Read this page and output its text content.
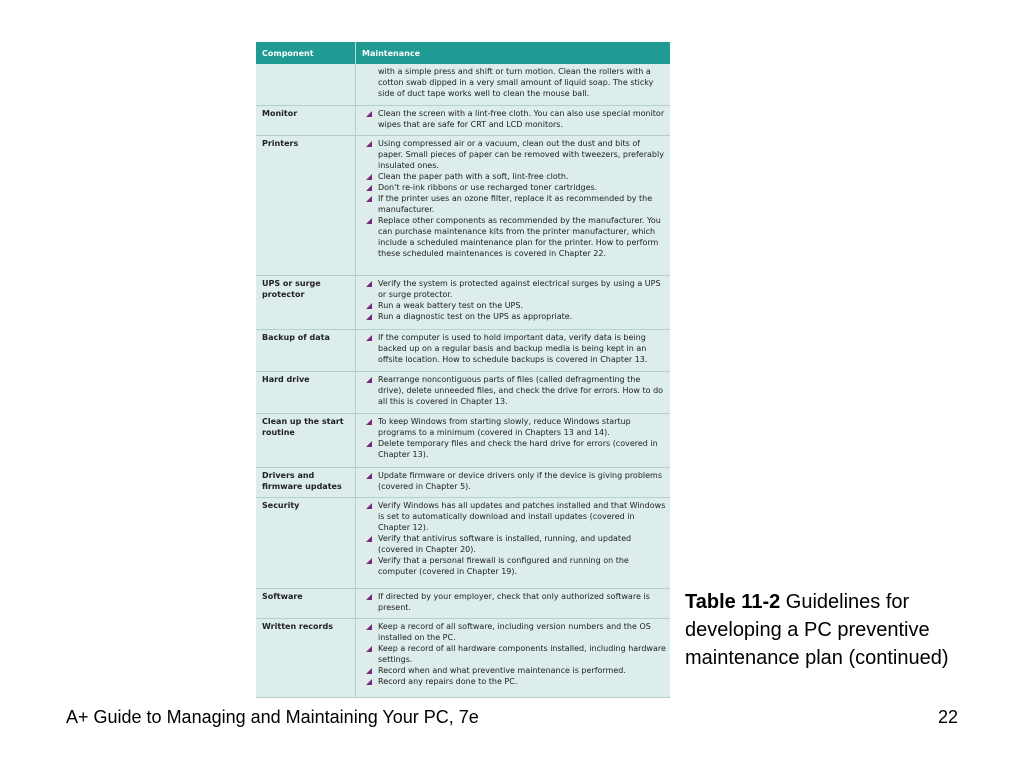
Component	Maintenance

	with a simple press and shift or turn motion. Clean the rollers with a cotton swab dipped in a very small amount of liquid soap. The sticky side of duct tape works well to clean the mouse ball.

Monitor	Clean the screen with a lint-free cloth. You can also use special monitor wipes that are safe for CRT and LCD monitors.

Printers	Using compressed air or a vacuum, clean out the dust and bits of paper. Small pieces of paper can be removed with tweezers, preferably insulated ones.
Clean the paper path with a soft, lint-free cloth.
Don't re-ink ribbons or use recharged toner cartridges.
If the printer uses an ozone filter, replace it as recommended by the manufacturer.
Replace other components as recommended by the manufacturer. You can purchase maintenance kits from the printer manufacturer, which include a scheduled maintenance plan for the printer. How to perform these scheduled maintenances is covered in Chapter 22.

UPS or surge protector	Verify the system is protected against electrical surges by using a UPS or surge protector.
Run a weak battery test on the UPS.
Run a diagnostic test on the UPS as appropriate.

Backup of data	If the computer is used to hold important data, verify data is being backed up on a regular basis and backup media is being kept in an offsite location. How to schedule backups is covered in Chapter 13.

Hard drive	Rearrange noncontiguous parts of files (called defragmenting the drive), delete unneeded files, and check the drive for errors. How to do all this is covered in Chapter 13.

Clean up the start routine	To keep Windows from starting slowly, reduce Windows startup programs to a minimum (covered in Chapters 13 and 14).
Delete temporary files and check the hard drive for errors (covered in Chapter 13).

Drivers and firmware updates	Update firmware or device drivers only if the device is giving problems (covered in Chapter 5).

Security	Verify Windows has all updates and patches installed and that Windows is set to automatically download and install updates (covered in Chapter 12).
Verify that antivirus software is installed, running, and updated (covered in Chapter 20).
Verify that a personal firewall is configured and running on the computer (covered in Chapter 19).

Software	If directed by your employer, check that only authorized software is present.

Written records	Keep a record of all software, including version numbers and the OS installed on the PC.
Keep a record of all hardware components installed, including hardware settings.
Record when and what preventive maintenance is performed.
Record any repairs done to the PC.
Table 11-2 Guidelines for developing a PC preventive maintenance plan (continued)
A+ Guide to Managing and Maintaining Your PC, 7e	22
